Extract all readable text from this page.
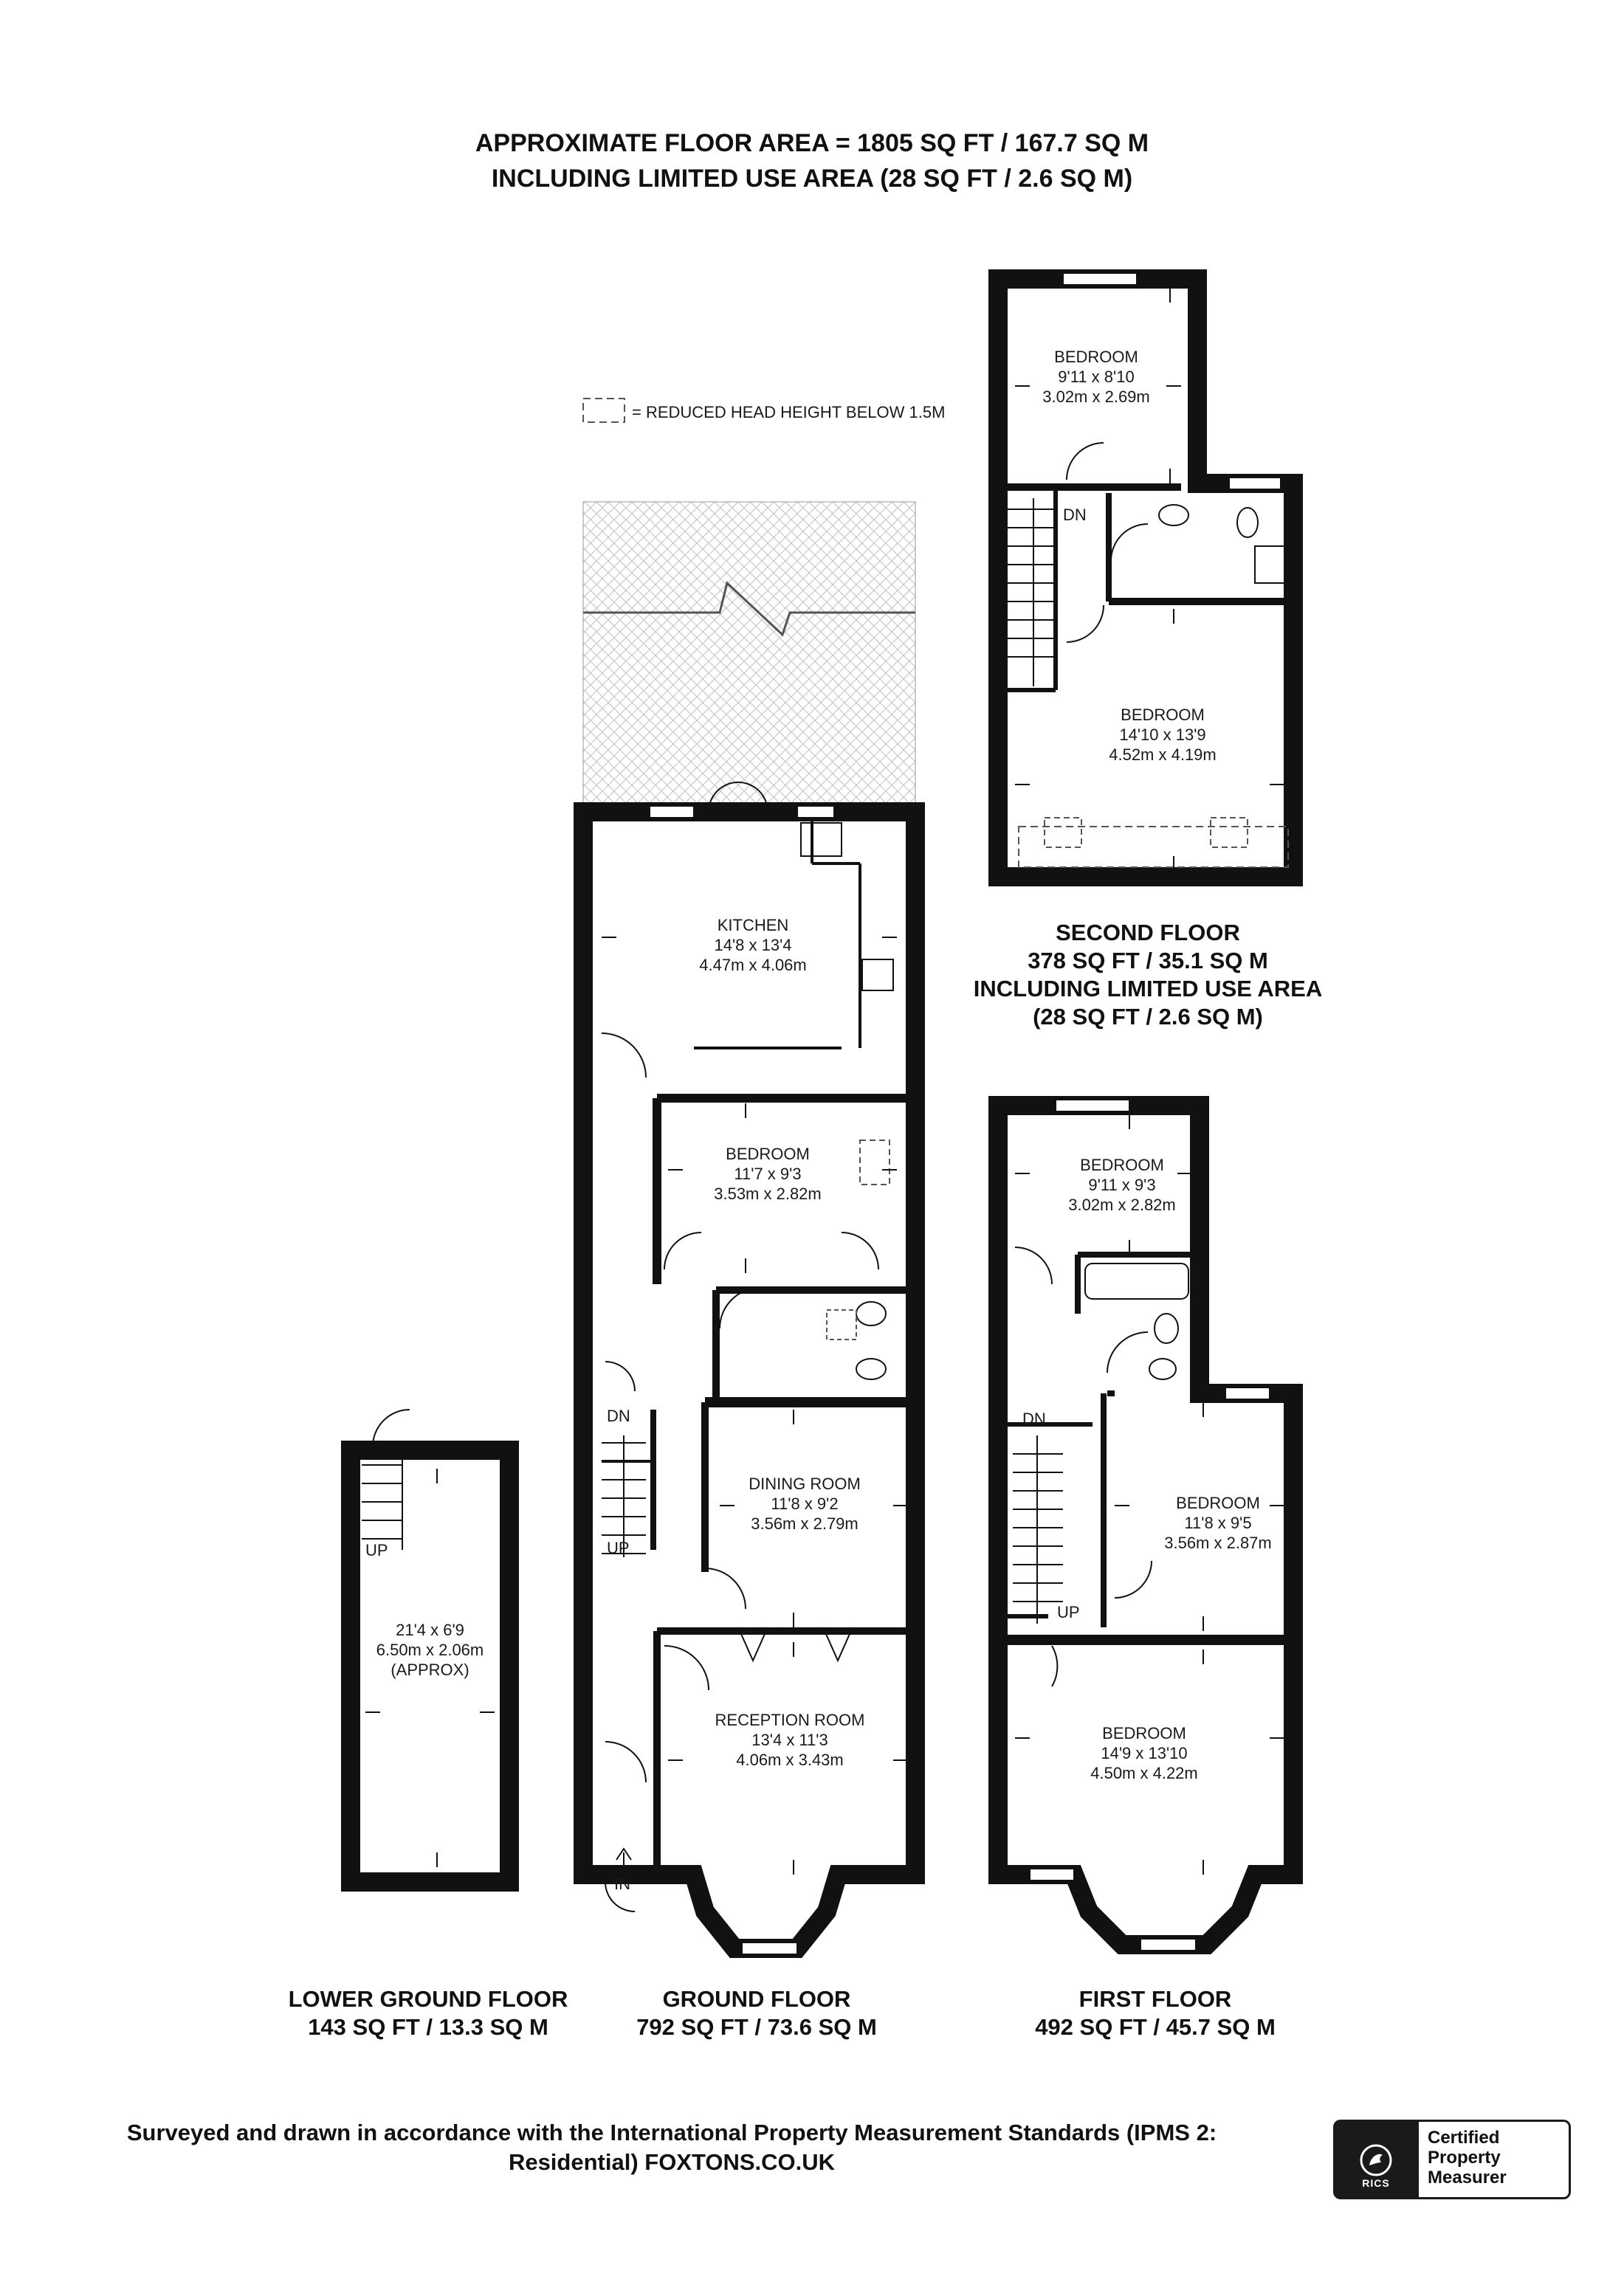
APPROXIMATE FLOOR AREA = 1805 SQ FT / 167.7 SQ M
INCLUDING LIMITED USE AREA (28 SQ FT / 2.6 SQ M)
= REDUCED HEAD HEIGHT BELOW 1.5M
BEDROOM
9'11 x 8'10
3.02m x 2.69m
DN
BEDROOM
14'10 x 13'9
4.52m x 4.19m
SECOND FLOOR
378 SQ FT / 35.1 SQ M
INCLUDING LIMITED USE AREA
(28 SQ FT / 2.6 SQ M)
KITCHEN
14'8 x 13'4
4.47m x 4.06m
BEDROOM
11'7 x 9'3
3.53m x 2.82m
DN
DINING ROOM
11'8 x 9'2
3.56m x 2.79m
UP
RECEPTION ROOM
13'4 x 11'3
4.06m x 3.43m
IN
GROUND FLOOR
792 SQ FT / 73.6 SQ M
BEDROOM
9'11 x 9'3
3.02m x 2.82m
DN
BEDROOM
11'8 x 9'5
3.56m x 2.87m
UP
BEDROOM
14'9 x 13'10
4.50m x 4.22m
FIRST FLOOR
492 SQ FT / 45.7 SQ M
UP
21'4 x 6'9
6.50m x 2.06m
(APPROX)
LOWER GROUND FLOOR
143 SQ FT / 13.3 SQ M
Surveyed and drawn in accordance with the International Property Measurement Standards (IPMS 2:
Residential) FOXTONS.CO.UK
RICS
Certified
Property
Measurer
